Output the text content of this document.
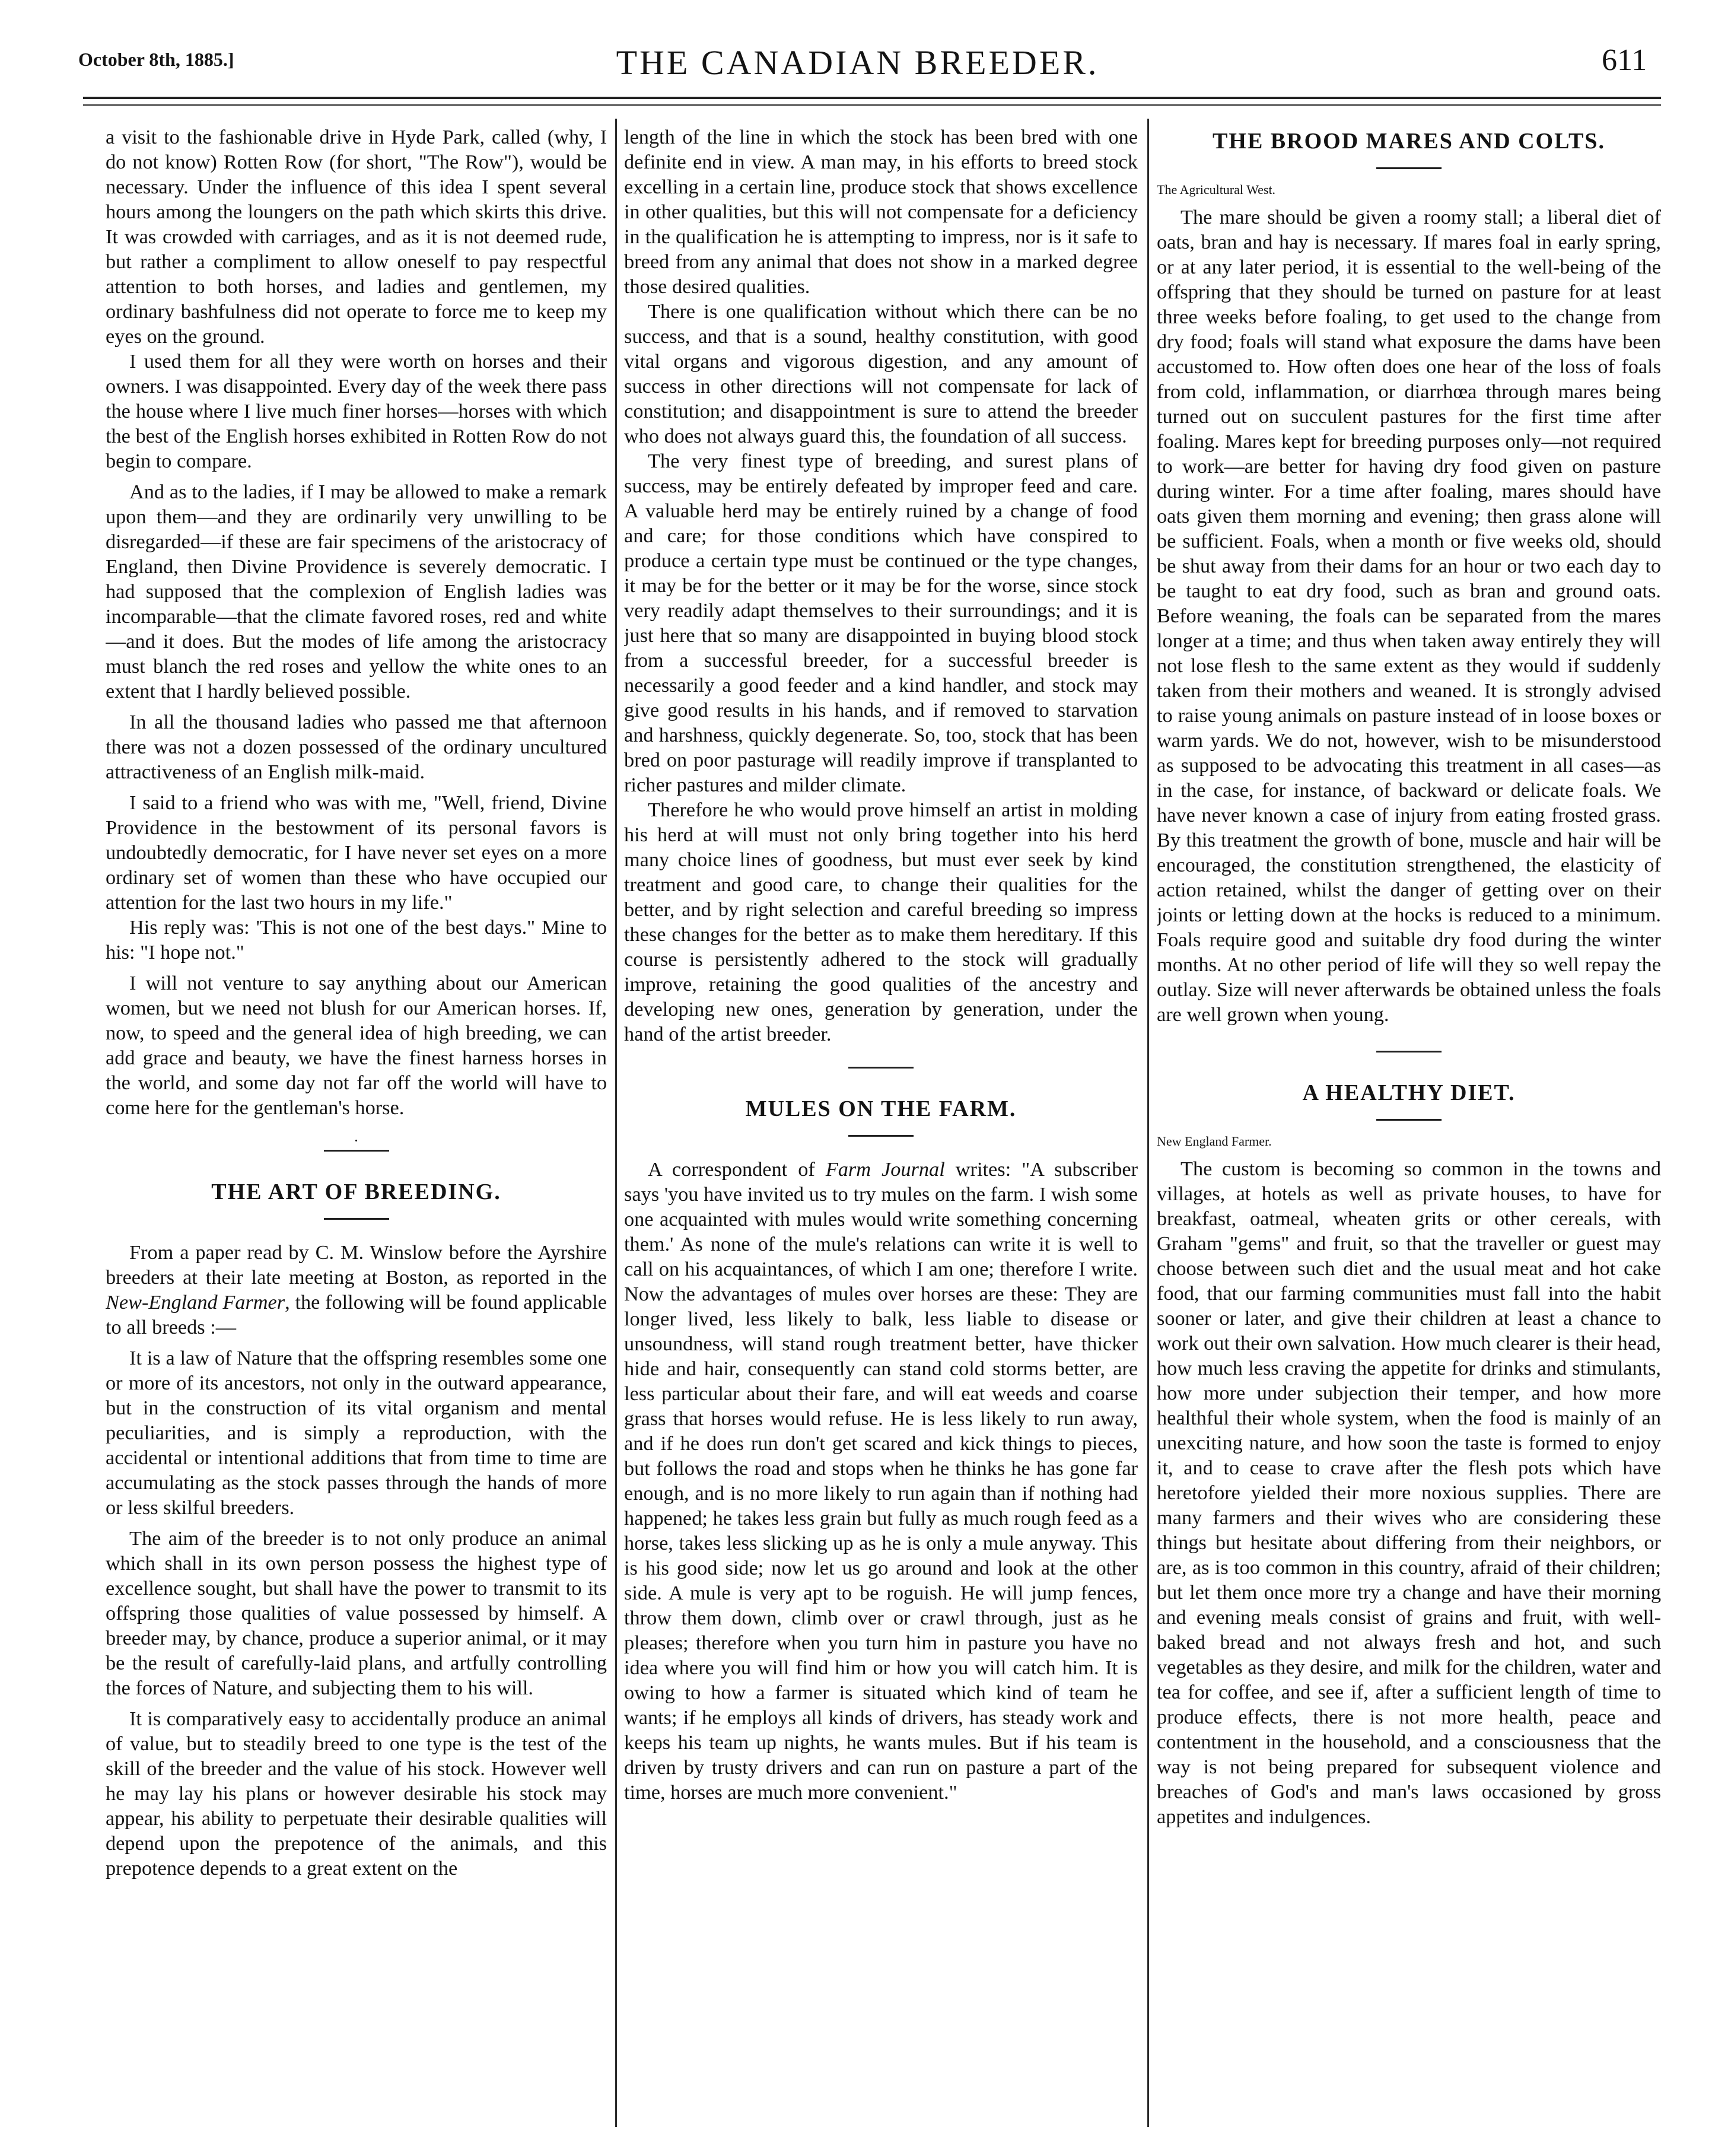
October 8th, 1885.]	THE CANADIAN BREEDER.	611

a visit to the fashionable drive in Hyde Park, called (why, I do not know) Rotten Row (for short, "The Row"), would be necessary. Under the influence of this idea I spent several hours among the loungers on the path which skirts this drive. It was crowded with carriages, and as it is not deemed rude, but rather a compliment to allow oneself to pay respectful attention to both horses, and ladies and gentlemen, my ordinary bashfulness did not operate to force me to keep my eyes on the ground.

I used them for all they were worth on horses and their owners. I was disappointed. Every day of the week there pass the house where I live much finer horses—horses with which the best of the English horses exhibited in Rotten Row do not begin to compare.

And as to the ladies, if I may be allowed to make a remark upon them—and they are ordinarily very unwilling to be disregarded—if these are fair specimens of the aristocracy of England, then Divine Providence is severely democratic. I had supposed that the complexion of English ladies was incomparable—that the climate favored roses, red and white—and it does. But the modes of life among the aristocracy must blanch the red roses and yellow the white ones to an extent that I hardly believed possible.

In all the thousand ladies who passed me that afternoon there was not a dozen possessed of the ordinary uncultured attractiveness of an English milk-maid.

I said to a friend who was with me, "Well, friend, Divine Providence in the bestowment of its personal favors is undoubtedly democratic, for I have never set eyes on a more ordinary set of women than these who have occupied our attention for the last two hours in my life."

His reply was: 'This is not one of the best days." Mine to his: "I hope not."

I will not venture to say anything about our American women, but we need not blush for our American horses. If, now, to speed and the general idea of high breeding, we can add grace and beauty, we have the finest harness horses in the world, and some day not far off the world will have to come here for the gentleman's horse.

·

THE ART OF BREEDING.

From a paper read by C. M. Winslow before the Ayrshire breeders at their late meeting at Boston, as reported in the New-England Farmer, the following will be found applicable to all breeds :—

It is a law of Nature that the offspring resembles some one or more of its ancestors, not only in the outward appearance, but in the construction of its vital organism and mental peculiarities, and is simply a reproduction, with the accidental or intentional additions that from time to time are accumulating as the stock passes through the hands of more or less skilful breeders.

The aim of the breeder is to not only produce an animal which shall in its own person possess the highest type of excellence sought, but shall have the power to transmit to its offspring those qualities of value possessed by himself. A breeder may, by chance, produce a superior animal, or it may be the result of carefully-laid plans, and artfully controlling the forces of Nature, and subjecting them to his will.

It is comparatively easy to accidentally produce an animal of value, but to steadily breed to one type is the test of the skill of the breeder and the value of his stock. However well he may lay his plans or however desirable his stock may appear, his ability to perpetuate their desirable qualities will depend upon the prepotence of the animals, and this prepotence depends to a great extent on the

length of the line in which the stock has been bred with one definite end in view. A man may, in his efforts to breed stock excelling in a certain line, produce stock that shows excellence in other qualities, but this will not compensate for a deficiency in the qualification he is attempting to impress, nor is it safe to breed from any animal that does not show in a marked degree those desired qualities.

There is one qualification without which there can be no success, and that is a sound, healthy constitution, with good vital organs and vigorous digestion, and any amount of success in other directions will not compensate for lack of constitution; and disappointment is sure to attend the breeder who does not always guard this, the foundation of all success.

The very finest type of breeding, and surest plans of success, may be entirely defeated by improper feed and care. A valuable herd may be entirely ruined by a change of food and care; for those conditions which have conspired to produce a certain type must be continued or the type changes, it may be for the better or it may be for the worse, since stock very readily adapt themselves to their surroundings; and it is just here that so many are disappointed in buying blood stock from a successful breeder, for a successful breeder is necessarily a good feeder and a kind handler, and stock may give good results in his hands, and if removed to starvation and harshness, quickly degenerate. So, too, stock that has been bred on poor pasturage will readily improve if transplanted to richer pastures and milder climate.

Therefore he who would prove himself an artist in molding his herd at will must not only bring together into his herd many choice lines of goodness, but must ever seek by kind treatment and good care, to change their qualities for the better, and by right selection and careful breeding so impress these changes for the better as to make them hereditary. If this course is persistently adhered to the stock will gradually improve, retaining the good qualities of the ancestry and developing new ones, generation by generation, under the hand of the artist breeder.

MULES ON THE FARM.

A correspondent of Farm Journal writes: "A subscriber says 'you have invited us to try mules on the farm. I wish some one acquainted with mules would write something concerning them.' As none of the mule's relations can write it is well to call on his acquaintances, of which I am one; therefore I write. Now the advantages of mules over horses are these: They are longer lived, less likely to balk, less liable to disease or unsoundness, will stand rough treatment better, have thicker hide and hair, consequently can stand cold storms better, are less particular about their fare, and will eat weeds and coarse grass that horses would refuse. He is less likely to run away, and if he does run don't get scared and kick things to pieces, but follows the road and stops when he thinks he has gone far enough, and is no more likely to run again than if nothing had happened; he takes less grain but fully as much rough feed as a horse, takes less slicking up as he is only a mule anyway. This is his good side; now let us go around and look at the other side. A mule is very apt to be roguish. He will jump fences, throw them down, climb over or crawl through, just as he pleases; therefore when you turn him in pasture you have no idea where you will find him or how you will catch him. It is owing to how a farmer is situated which kind of team he wants; if he employs all kinds of drivers, has steady work and keeps his team up nights, he wants mules. But if his team is driven by trusty drivers and can run on pasture a part of the time, horses are much more convenient."

THE BROOD MARES AND COLTS.

The Agricultural West.

The mare should be given a roomy stall; a liberal diet of oats, bran and hay is necessary. If mares foal in early spring, or at any later period, it is essential to the well-being of the offspring that they should be turned on pasture for at least three weeks before foaling, to get used to the change from dry food; foals will stand what exposure the dams have been accustomed to. How often does one hear of the loss of foals from cold, inflammation, or diarrhœa through mares being turned out on succulent pastures for the first time after foaling. Mares kept for breeding purposes only—not required to work—are better for having dry food given on pasture during winter. For a time after foaling, mares should have oats given them morning and evening; then grass alone will be sufficient. Foals, when a month or five weeks old, should be shut away from their dams for an hour or two each day to be taught to eat dry food, such as bran and ground oats. Before weaning, the foals can be separated from the mares longer at a time; and thus when taken away entirely they will not lose flesh to the same extent as they would if suddenly taken from their mothers and weaned. It is strongly advised to raise young animals on pasture instead of in loose boxes or warm yards. We do not, however, wish to be misunderstood as supposed to be advocating this treatment in all cases—as in the case, for instance, of backward or delicate foals. We have never known a case of injury from eating frosted grass. By this treatment the growth of bone, muscle and hair will be encouraged, the constitution strengthened, the elasticity of action retained, whilst the danger of getting over on their joints or letting down at the hocks is reduced to a minimum. Foals require good and suitable dry food during the winter months. At no other period of life will they so well repay the outlay. Size will never afterwards be obtained unless the foals are well grown when young.

A HEALTHY DIET.

New England Farmer.

The custom is becoming so common in the towns and villages, at hotels as well as private houses, to have for breakfast, oatmeal, wheaten grits or other cereals, with Graham "gems" and fruit, so that the traveller or guest may choose between such diet and the usual meat and hot cake food, that our farming communities must fall into the habit sooner or later, and give their children at least a chance to work out their own salvation. How much clearer is their head, how much less craving the appetite for drinks and stimulants, how more under subjection their temper, and how more healthful their whole system, when the food is mainly of an unexciting nature, and how soon the taste is formed to enjoy it, and to cease to crave after the flesh pots which have heretofore yielded their more noxious supplies. There are many farmers and their wives who are considering these things but hesitate about differing from their neighbors, or are, as is too common in this country, afraid of their children; but let them once more try a change and have their morning and evening meals consist of grains and fruit, with well-baked bread and not always fresh and hot, and such vegetables as they desire, and milk for the children, water and tea for coffee, and see if, after a sufficient length of time to produce effects, there is not more health, peace and contentment in the household, and a consciousness that the way is not being prepared for subsequent violence and breaches of God's and man's laws occasioned by gross appetites and indulgences.
